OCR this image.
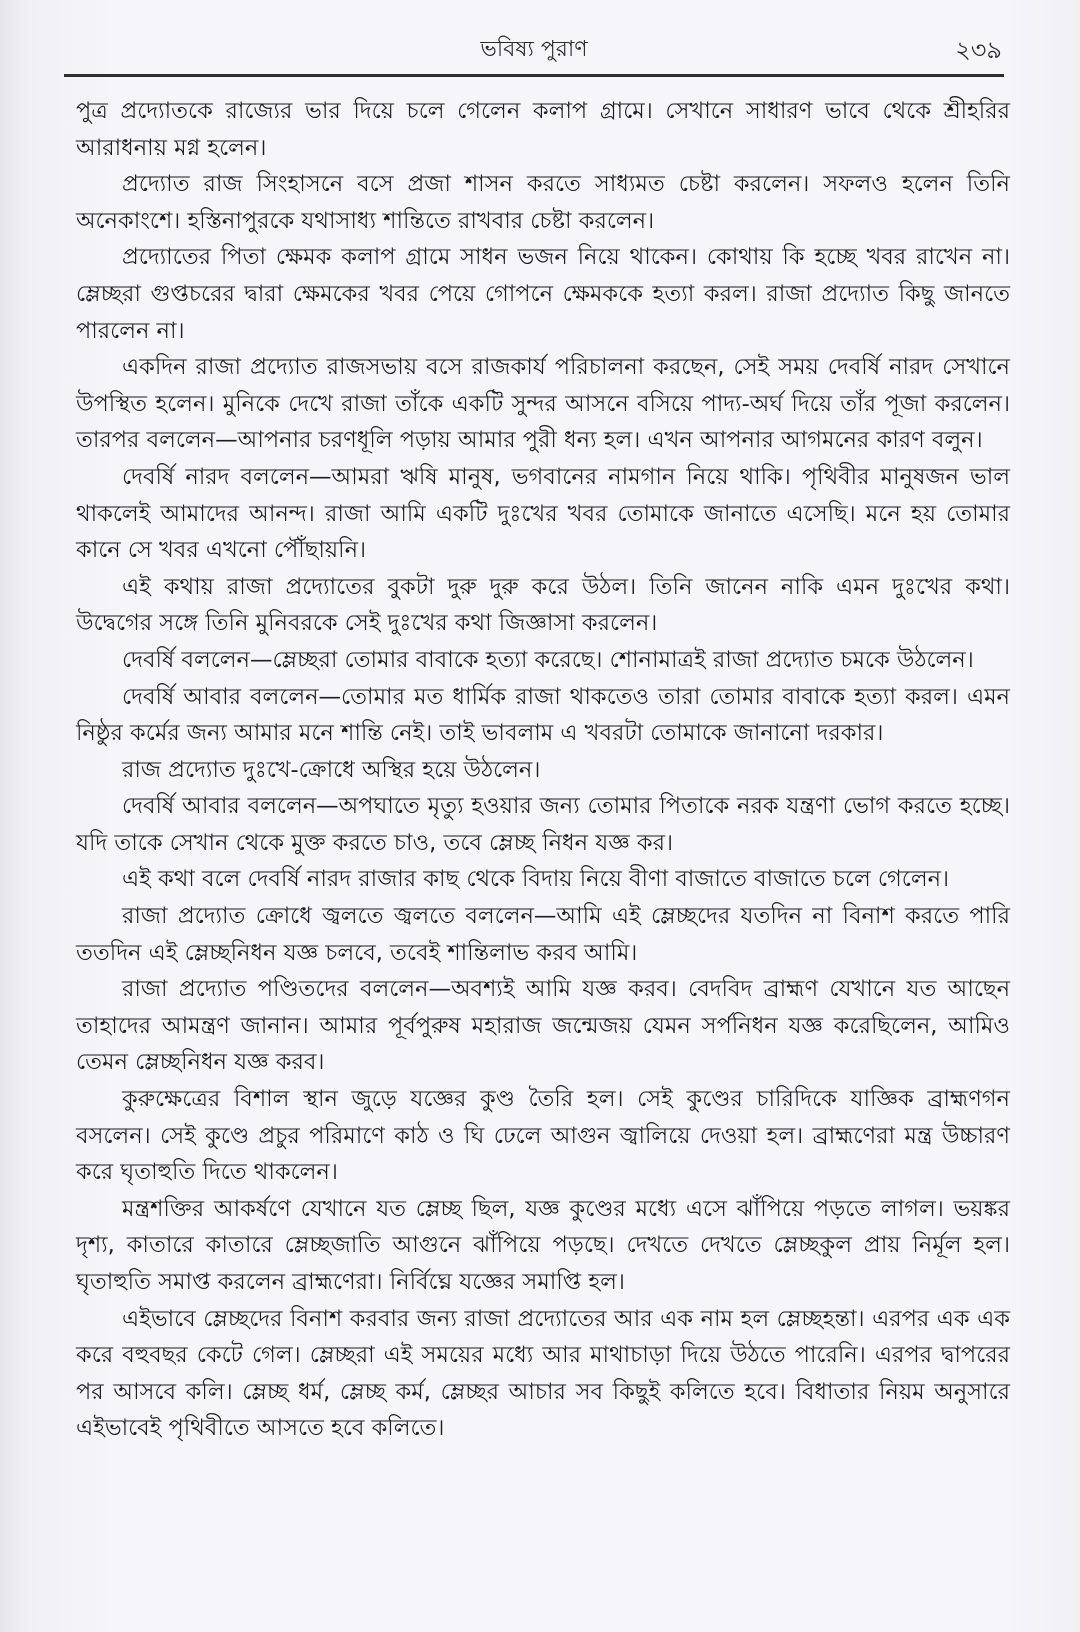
ভবিষ্য পুরাণ	২৩৯

পুত্র প্রদ্যোতকে রাজ্যের ভার দিয়ে চলে গেলেন কলাপ গ্রামে। সেখানে সাধারণ ভাবে থেকে শ্রীহরির আরাধনায় মগ্ন হলেন।

প্রদ্যোত রাজ সিংহাসনে বসে প্রজা শাসন করতে সাধ্যমত চেষ্টা করলেন। সফলও হলেন তিনি অনেকাংশে। হস্তিনাপুরকে যথাসাধ্য শান্তিতে রাখবার চেষ্টা করলেন।

প্রদ্যোতের পিতা ক্ষেমক কলাপ গ্রামে সাধন ভজন নিয়ে থাকেন। কোথায় কি হচ্ছে খবর রাখেন না। ম্লেচ্ছরা গুপ্তচরের দ্বারা ক্ষেমকের খবর পেয়ে গোপনে ক্ষেমককে হত্যা করল। রাজা প্রদ্যোত কিছু জানতে পারলেন না।

একদিন রাজা প্রদ্যোত রাজসভায় বসে রাজকার্য পরিচালনা করছেন, সেই সময় দেবর্ষি নারদ সেখানে উপস্থিত হলেন। মুনিকে দেখে রাজা তাঁকে একটি সুন্দর আসনে বসিয়ে পাদ্য-অর্ঘ দিয়ে তাঁর পূজা করলেন। তারপর বললেন—আপনার চরণধূলি পড়ায় আমার পুরী ধন্য হল। এখন আপনার আগমনের কারণ বলুন।

দেবর্ষি নারদ বললেন—আমরা ঋষি মানুষ, ভগবানের নামগান নিয়ে থাকি। পৃথিবীর মানুষজন ভাল থাকলেই আমাদের আনন্দ। রাজা আমি একটি দুঃখের খবর তোমাকে জানাতে এসেছি। মনে হয় তোমার কানে সে খবর এখনো পৌঁছায়নি।

এই কথায় রাজা প্রদ্যোতের বুকটা দুরু দুরু করে উঠল। তিনি জানেন নাকি এমন দুঃখের কথা। উদ্বেগের সঙ্গে তিনি মুনিবরকে সেই দুঃখের কথা জিজ্ঞাসা করলেন।

দেবর্ষি বললেন—ম্লেচ্ছরা তোমার বাবাকে হত্যা করেছে। শোনামাত্রই রাজা প্রদ্যোত চমকে উঠলেন।

দেবর্ষি আবার বললেন—তোমার মত ধার্মিক রাজা থাকতেও তারা তোমার বাবাকে হত্যা করল। এমন নিষ্ঠুর কর্মের জন্য আমার মনে শান্তি নেই। তাই ভাবলাম এ খবরটা তোমাকে জানানো দরকার।

রাজ প্রদ্যোত দুঃখে-ক্রোধে অস্থির হয়ে উঠলেন।

দেবর্ষি আবার বললেন—অপঘাতে মৃত্যু হওয়ার জন্য তোমার পিতাকে নরক যন্ত্রণা ভোগ করতে হচ্ছে। যদি তাকে সেখান থেকে মুক্ত করতে চাও, তবে ম্লেচ্ছ নিধন যজ্ঞ কর।

এই কথা বলে দেবর্ষি নারদ রাজার কাছ থেকে বিদায় নিয়ে বীণা বাজাতে বাজাতে চলে গেলেন।

রাজা প্রদ্যোত ক্রোধে জ্বলতে জ্বলতে বললেন—আমি এই ম্লেচ্ছদের যতদিন না বিনাশ করতে পারি ততদিন এই ম্লেচ্ছনিধন যজ্ঞ চলবে, তবেই শান্তিলাভ করব আমি।

রাজা প্রদ্যোত পণ্ডিতদের বললেন—অবশ্যই আমি যজ্ঞ করব। বেদবিদ ব্রাহ্মণ যেখানে যত আছেন তাহাদের আমন্ত্রণ জানান। আমার পূর্বপুরুষ মহারাজ জন্মেজয় যেমন সর্পনিধন যজ্ঞ করেছিলেন, আমিও তেমন ম্লেচ্ছনিধন যজ্ঞ করব।

কুরুক্ষেত্রের বিশাল স্থান জুড়ে যজ্ঞের কুণ্ড তৈরি হল। সেই কুণ্ডের চারিদিকে যাজ্ঞিক ব্রাহ্মণগন বসলেন। সেই কুণ্ডে প্রচুর পরিমাণে কাঠ ও ঘি ঢেলে আগুন জ্বালিয়ে দেওয়া হল। ব্রাহ্মণেরা মন্ত্র উচ্চারণ করে ঘৃতাহুতি দিতে থাকলেন।

মন্ত্রশক্তির আকর্ষণে যেখানে যত ম্লেচ্ছ ছিল, যজ্ঞ কুণ্ডের মধ্যে এসে ঝাঁপিয়ে পড়তে লাগল। ভয়ঙ্কর দৃশ্য, কাতারে কাতারে ম্লেচ্ছজাতি আগুনে ঝাঁপিয়ে পড়ছে। দেখতে দেখতে ম্লেচ্ছকুল প্রায় নির্মূল হল। ঘৃতাহুতি সমাপ্ত করলেন ব্রাহ্মণেরা। নির্বিঘ্নে যজ্ঞের সমাপ্তি হল।

এইভাবে ম্লেচ্ছদের বিনাশ করবার জন্য রাজা প্রদ্যোতের আর এক নাম হল ম্লেচ্ছহন্তা। এরপর এক এক করে বহুবছর কেটে গেল। ম্লেচ্ছরা এই সময়ের মধ্যে আর মাথাচাড়া দিয়ে উঠতে পারেনি। এরপর দ্বাপরের পর আসবে কলি। ম্লেচ্ছ ধর্ম, ম্লেচ্ছ কর্ম, ম্লেচ্ছর আচার সব কিছুই কলিতে হবে। বিধাতার নিয়ম অনুসারে এইভাবেই পৃথিবীতে আসতে হবে কলিতে।
